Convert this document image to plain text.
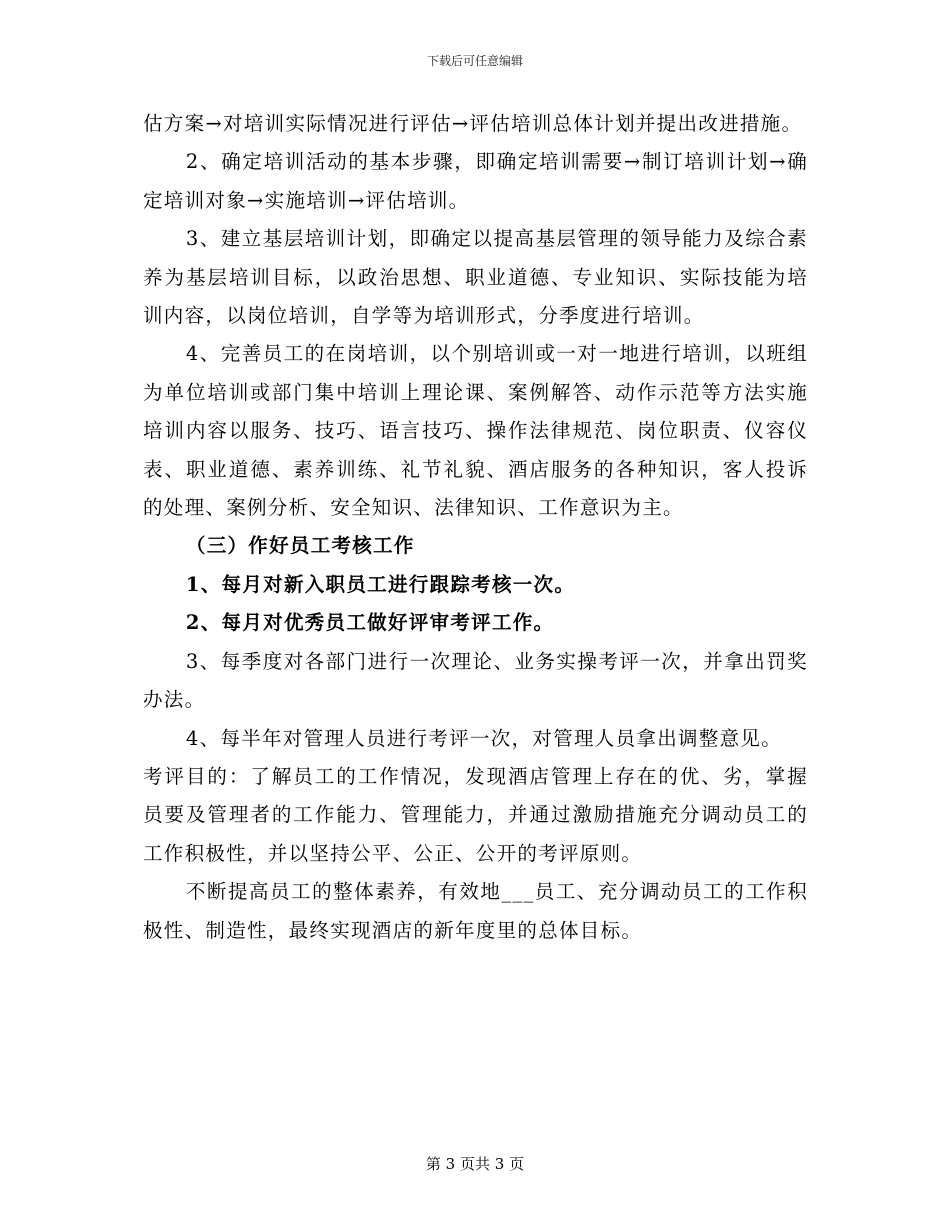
下载后可任意编辑

估方案→对培训实际情况进行评估→评估培训总体计划并提出改进措施。

2、确定培训活动的基本步骤，即确定培训需要→制订培训计划→确定培训对象→实施培训→评估培训。

3、建立基层培训计划，即确定以提高基层管理的领导能力及综合素养为基层培训目标，以政治思想、职业道德、专业知识、实际技能为培训内容，以岗位培训，自学等为培训形式，分季度进行培训。

4、完善员工的在岗培训，以个别培训或一对一地进行培训，以班组为单位培训或部门集中培训上理论课、案例解答、动作示范等方法实施培训内容以服务、技巧、语言技巧、操作法律规范、岗位职责、仪容仪表、职业道德、素养训练、礼节礼貌、酒店服务的各种知识，客人投诉的处理、案例分析、安全知识、法律知识、工作意识为主。

（三）作好员工考核工作

1、每月对新入职员工进行跟踪考核一次。

2、每月对优秀员工做好评审考评工作。

3、每季度对各部门进行一次理论、业务实操考评一次，并拿出罚奖办法。

4、每半年对管理人员进行考评一次，对管理人员拿出调整意见。

考评目的：了解员工的工作情况，发现酒店管理上存在的优、劣，掌握员要及管理者的工作能力、管理能力，并通过激励措施充分调动员工的工作积极性，并以坚持公平、公正、公开的考评原则。

不断提高员工的整体素养，有效地___员工、充分调动员工的工作积极性、制造性，最终实现酒店的新年度里的总体目标。

第 3 页共 3 页
